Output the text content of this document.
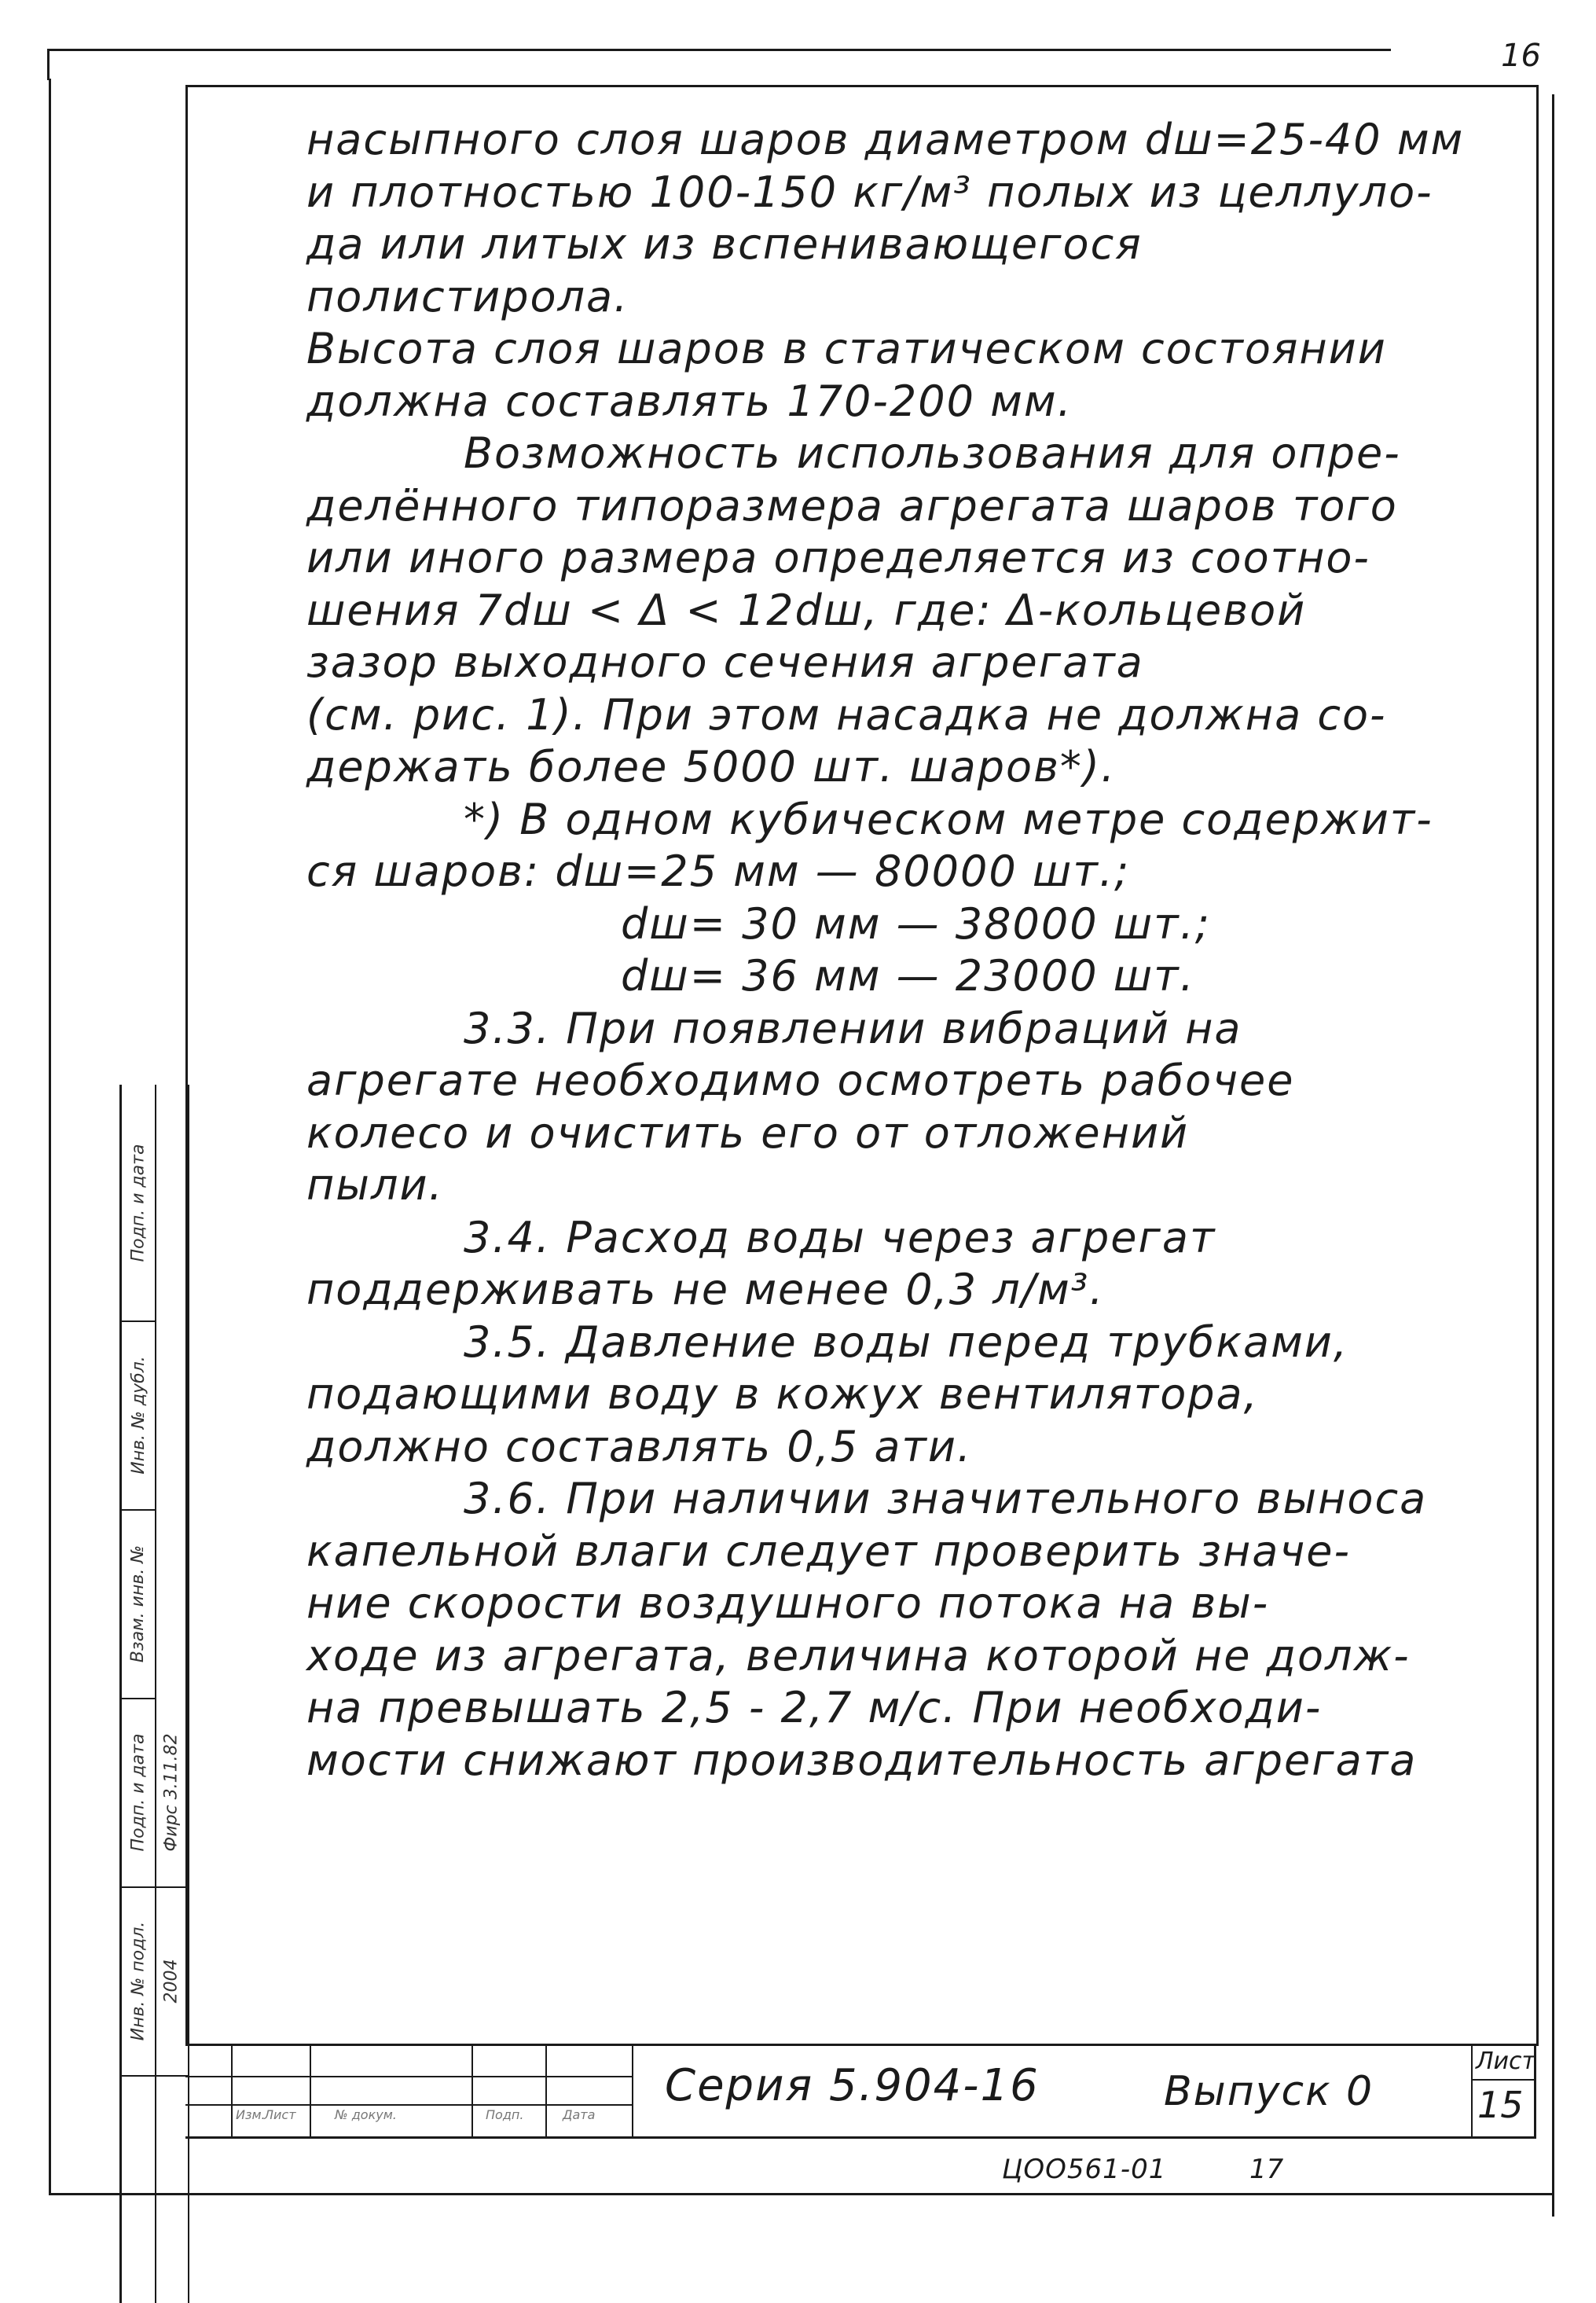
16
насыпного слоя шаров диаметром dш=25-40 мм
и плотностью 100-150 кг/м³ полых из целлуло-
да или литых из вспенивающегося
полистирола.
Высота слоя шаров в статическом состоянии
должна составлять 170-200 мм.
Возможность использования для опре-
делённого типоразмера агрегата шаров того
или иного размера определяется из соотно-
шения 7dш < Δ < 12dш, где: Δ-кольцевой
зазор выходного сечения агрегата
(см. рис. 1). При этом насадка не должна со-
держать более 5000 шт. шаров*).
*) В одном кубическом метре содержит-
ся шаров: dш=25 мм — 80000 шт.;
dш= 30 мм — 38000 шт.;
dш= 36 мм — 23000 шт.
3.3. При появлении вибраций на
агрегате необходимо осмотреть рабочее
колесо и очистить его от отложений
пыли.
3.4. Расход воды через агрегат
поддерживать не менее 0,3 л/м³.
3.5. Давление воды перед трубками,
подающими воду в кожух вентилятора,
должно составлять 0,5 ати.
3.6. При наличии значительного выноса
капельной влаги следует проверить значе-
ние скорости воздушного потока на вы-
ходе из агрегата, величина которой не долж-
на превышать 2,5 - 2,7 м/с. При необходи-
мости снижают производительность агрегата
Подп. и дата
Инв. № дубл.
Взам. инв. №
Подп. и дата
Инв. № подл.
Фирс 3.11.82
2004
Изм.
Лист	№ докум.	Подп.	Дата
Серия 5.904-16	Выпуск 0
Лист
15
ЦОО561-01	17
